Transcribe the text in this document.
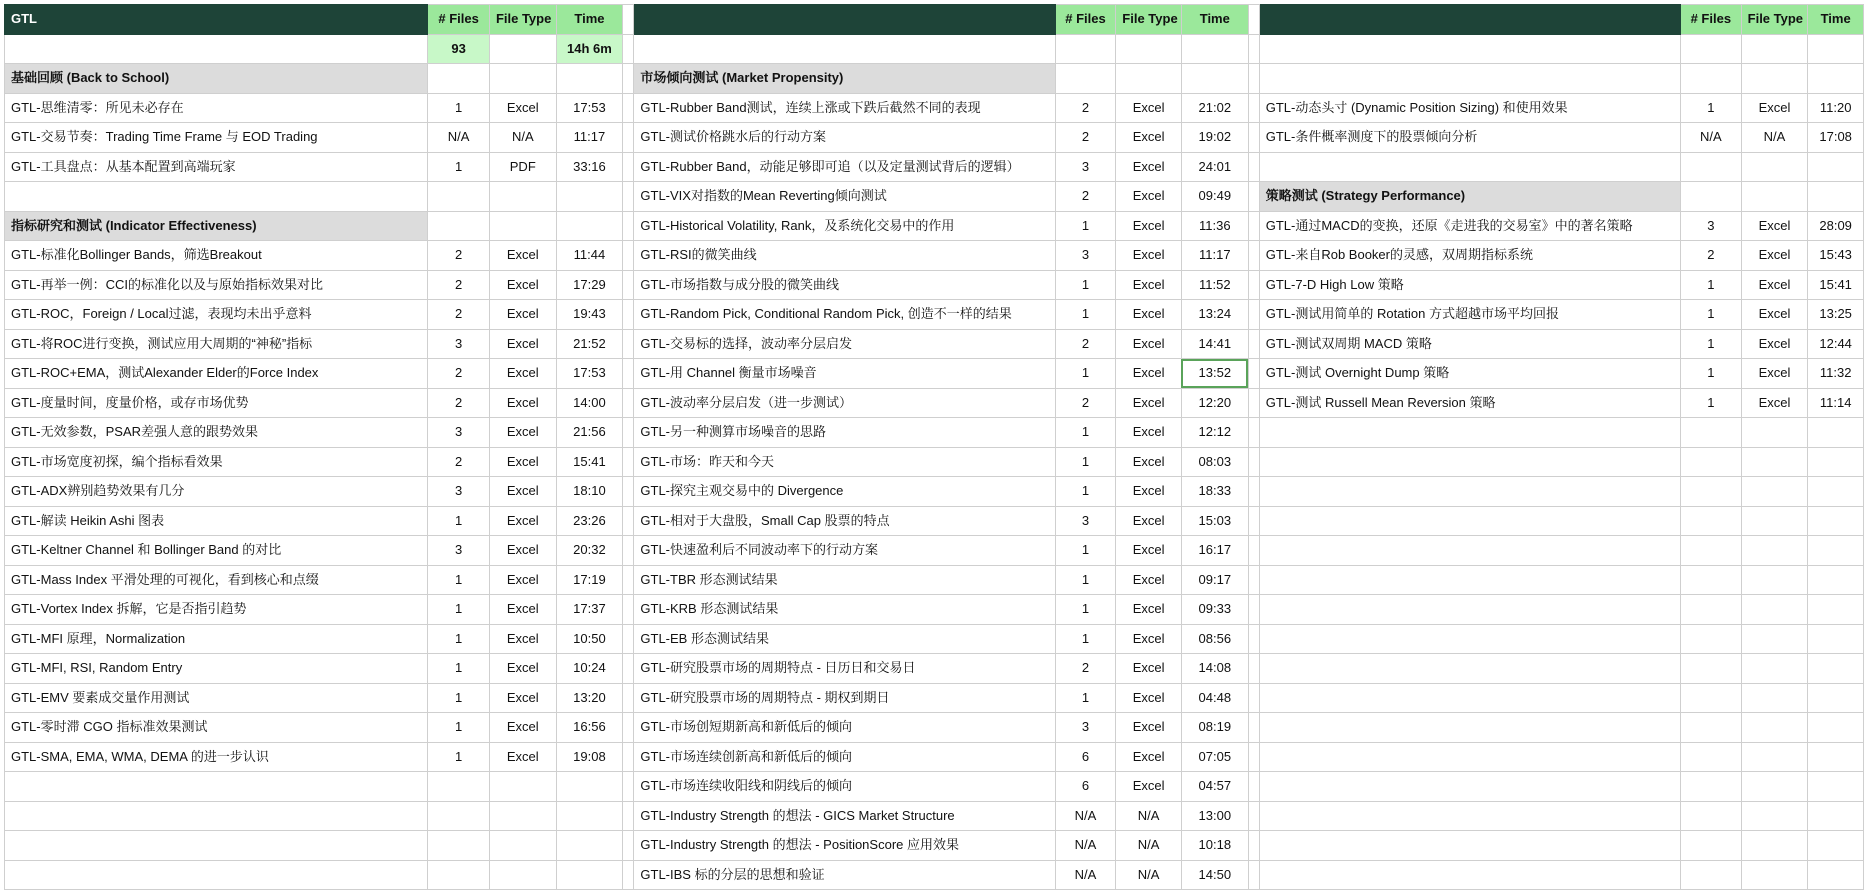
GTL	# Files	File Type	Time			# Files	File Type	Time			# Files	File Type	Time
	93		14h 6m										
基础回顾 (Back to School)					市场倾向测试 (Market Propensity)								
GTL-思维清零：所见未必存在	1	Excel	17:53		GTL-Rubber Band测试，连续上涨或下跌后截然不同的表现	2	Excel	21:02		GTL-动态头寸 (Dynamic Position Sizing) 和使用效果	1	Excel	11:20
GTL-交易节奏：Trading Time Frame 与 EOD Trading	N/A	N/A	11:17		GTL-测试价格跳水后的行动方案	2	Excel	19:02		GTL-条件概率测度下的股票倾向分析	N/A	N/A	17:08
GTL-工具盘点：从基本配置到高端玩家	1	PDF	33:16		GTL-Rubber Band，动能足够即可追（以及定量测试背后的逻辑）	3	Excel	24:01					
					GTL-VIX对指数的Mean Reverting倾向测试	2	Excel	09:49		策略测试 (Strategy Performance)			
指标研究和测试 (Indicator Effectiveness)					GTL-Historical Volatility, Rank，及系统化交易中的作用	1	Excel	11:36		GTL-通过MACD的变换，还原《走进我的交易室》中的著名策略	3	Excel	28:09
GTL-标准化Bollinger Bands，筛选Breakout	2	Excel	11:44		GTL-RSI的微笑曲线	3	Excel	11:17		GTL-来自Rob Booker的灵感，双周期指标系统	2	Excel	15:43
GTL-再举一例：CCI的标准化以及与原始指标效果对比	2	Excel	17:29		GTL-市场指数与成分股的微笑曲线	1	Excel	11:52		GTL-7-D High Low 策略	1	Excel	15:41
GTL-ROC，Foreign / Local过滤，表现均未出乎意料	2	Excel	19:43		GTL-Random Pick, Conditional Random Pick, 创造不一样的结果	1	Excel	13:24		GTL-测试用简单的 Rotation 方式超越市场平均回报	1	Excel	13:25
GTL-将ROC进行变换，测试应用大周期的“神秘”指标	3	Excel	21:52		GTL-交易标的选择，波动率分层启发	2	Excel	14:41		GTL-测试双周期 MACD 策略	1	Excel	12:44
GTL-ROC+EMA，测试Alexander Elder的Force Index	2	Excel	17:53		GTL-用 Channel 衡量市场噪音	1	Excel	13:52		GTL-测试 Overnight Dump 策略	1	Excel	11:32
GTL-度量时间，度量价格，或存市场优势	2	Excel	14:00		GTL-波动率分层启发（进一步测试）	2	Excel	12:20		GTL-测试 Russell Mean Reversion 策略	1	Excel	11:14
GTL-无效参数，PSAR差强人意的跟势效果	3	Excel	21:56		GTL-另一种测算市场噪音的思路	1	Excel	12:12					
GTL-市场宽度初探，编个指标看效果	2	Excel	15:41		GTL-市场：昨天和今天	1	Excel	08:03					
GTL-ADX辨别趋势效果有几分	3	Excel	18:10		GTL-探究主观交易中的 Divergence	1	Excel	18:33					
GTL-解读 Heikin Ashi 图表	1	Excel	23:26		GTL-相对于大盘股，Small Cap 股票的特点	3	Excel	15:03					
GTL-Keltner Channel 和 Bollinger Band 的对比	3	Excel	20:32		GTL-快速盈利后不同波动率下的行动方案	1	Excel	16:17					
GTL-Mass Index 平滑处理的可视化，看到核心和点缀	1	Excel	17:19		GTL-TBR 形态测试结果	1	Excel	09:17					
GTL-Vortex Index 拆解，它是否指引趋势	1	Excel	17:37		GTL-KRB 形态测试结果	1	Excel	09:33					
GTL-MFI 原理，Normalization	1	Excel	10:50		GTL-EB 形态测试结果	1	Excel	08:56					
GTL-MFI, RSI, Random Entry	1	Excel	10:24		GTL-研究股票市场的周期特点 - 日历日和交易日	2	Excel	14:08					
GTL-EMV 要素成交量作用测试	1	Excel	13:20		GTL-研究股票市场的周期特点 - 期权到期日	1	Excel	04:48					
GTL-零时滞 CGO 指标准效果测试	1	Excel	16:56		GTL-市场创短期新高和新低后的倾向	3	Excel	08:19					
GTL-SMA, EMA, WMA, DEMA 的进一步认识	1	Excel	19:08		GTL-市场连续创新高和新低后的倾向	6	Excel	07:05					
					GTL-市场连续收阳线和阴线后的倾向	6	Excel	04:57					
					GTL-Industry Strength 的想法 - GICS Market Structure	N/A	N/A	13:00					
					GTL-Industry Strength 的想法 - PositionScore 应用效果	N/A	N/A	10:18					
					GTL-IBS 标的分层的思想和验证	N/A	N/A	14:50					
